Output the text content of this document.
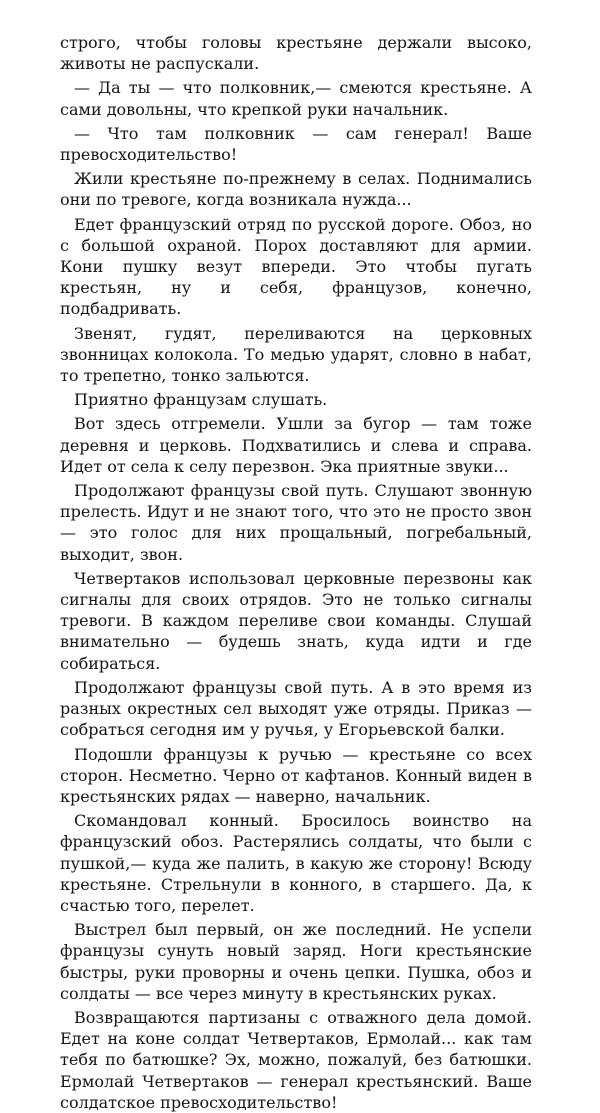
строго, чтобы головы крестьяне держали высоко, животы не распускали.

— Да ты — что полковник,— смеются крестьяне. А сами довольны, что крепкой руки начальник.

— Что там полковник — сам генерал! Ваше превосходительство!

Жили крестьяне по-прежнему в селах. Поднимались они по тревоге, когда возникала нужда...

Едет французский отряд по русской дороге. Обоз, но с большой охраной. Порох доставляют для армии. Кони пушку везут впереди. Это чтобы пугать крестьян, ну и себя, французов, конечно, подбадривать.

Звенят, гудят, переливаются на церковных звонницах колокола. То медью ударят, словно в набат, то трепетно, тонко зальются.

Приятно французам слушать.

Вот здесь отгремели. Ушли за бугор — там тоже деревня и церковь. Подхватились и слева и справа. Идет от села к селу перезвон. Эка приятные звуки...

Продолжают французы свой путь. Слушают звонную прелесть. Идут и не знают того, что это не просто звон — это голос для них прощальный, погребальный, выходит, звон.

Четвертаков использовал церковные перезвоны как сигналы для своих отрядов. Это не только сигналы тревоги. В каждом переливе свои команды. Слушай внимательно — будешь знать, куда идти и где собираться.

Продолжают французы свой путь. А в это время из разных окрестных сел выходят уже отряды. Приказ — собраться сегодня им у ручья, у Егорьевской балки.

Подошли французы к ручью — крестьяне со всех сторон. Несметно. Черно от кафтанов. Конный виден в крестьянских рядах — наверно, начальник.

Скомандовал конный. Бросилось воинство на французский обоз. Растерялись солдаты, что были с пушкой,— куда же палить, в какую же сторону! Всюду крестьяне. Стрельнули в конного, в старшего. Да, к счастью того, перелет.

Выстрел был первый, он же последний. Не успели французы сунуть новый заряд. Ноги крестьянские быстры, руки проворны и очень цепки. Пушка, обоз и солдаты — все через минуту в крестьянских руках.

Возвращаются партизаны с отважного дела домой. Едет на коне солдат Четвертаков, Ермолай... как там тебя по батюшке? Эх, можно, пожалуй, без батюшки. Ермолай Четвертаков — генерал крестьянский. Ваше солдатское превосходительство!
